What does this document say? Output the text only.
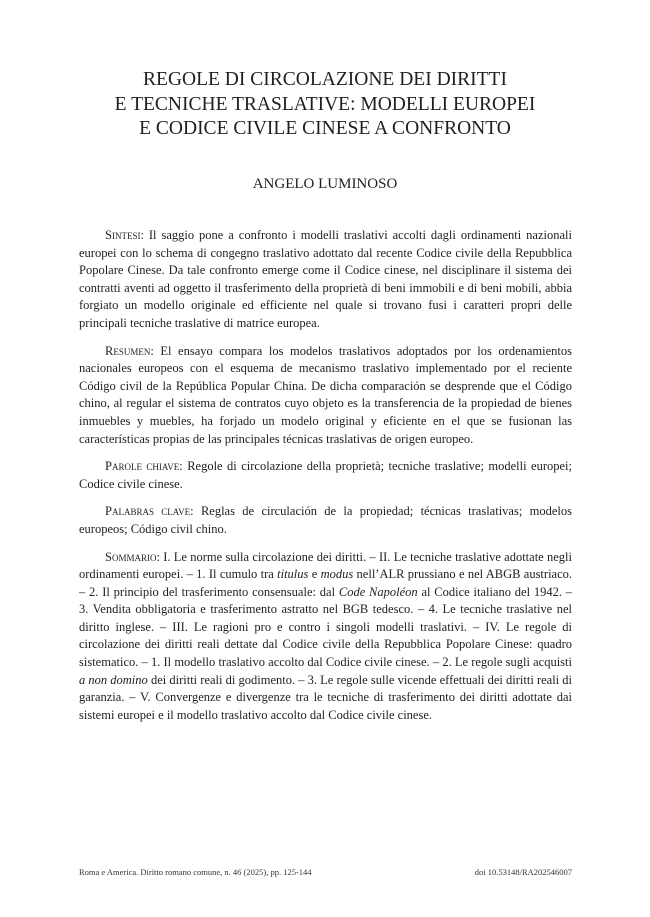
REGOLE DI CIRCOLAZIONE DEI DIRITTI
E TECNICHE TRASLATIVE: MODELLI EUROPEI
E CODICE CIVILE CINESE A CONFRONTO
ANGELO LUMINOSO

Sintesi: Il saggio pone a confronto i modelli traslativi accolti dagli ordinamenti nazionali europei con lo schema di congegno traslativo adottato dal recente Codice civile della Repubblica Popolare Cinese. Da tale confronto emerge come il Codice cinese, nel disciplinare il sistema dei contratti aventi ad oggetto il trasferimento della proprietà di beni immobili e di beni mobili, abbia forgiato un modello originale ed efficiente nel quale si trovano fusi i caratteri propri delle principali tecniche traslative di matrice europea.

Resumen: El ensayo compara los modelos traslativos adoptados por los ordenamientos nacionales europeos con el esquema de mecanismo traslativo implementado por el reciente Código civil de la República Popular China. De dicha comparación se desprende que el Código chino, al regular el sistema de contratos cuyo objeto es la transferencia de la propiedad de bienes inmuebles y muebles, ha forjado un modelo original y eficiente en el que se fusionan las características propias de las principales técnicas traslativas de origen europeo.

Parole chiave: Regole di circolazione della proprietà; tecniche traslative; modelli europei; Codice civile cinese.

Palabras clave: Reglas de circulación de la propiedad; técnicas traslativas; modelos europeos; Código civil chino.

Sommario: I. Le norme sulla circolazione dei diritti. – II. Le tecniche traslative adottate negli ordinamenti europei. – 1. Il cumulo tra titulus e modus nell’ALR prussiano e nel ABGB austriaco. – 2. Il principio del trasferimento consensuale: dal Code Napoléon al Codice italiano del 1942. – 3. Vendita obbligatoria e trasferimento astratto nel BGB tedesco. – 4. Le tecniche traslative nel diritto inglese. – III. Le ragioni pro e contro i singoli modelli traslativi. – IV. Le regole di circolazione dei diritti reali dettate dal Codice civile della Repubblica Popolare Cinese: quadro sistematico. – 1. Il modello traslativo accolto dal Codice civile cinese. – 2. Le regole sugli acquisti a non domino dei diritti reali di godimento. – 3. Le regole sulle vicende effettuali dei diritti reali di garanzia. – V. Convergenze e divergenze tra le tecniche di trasferimento dei diritti adottate dai sistemi europei e il modello traslativo accolto dal Codice civile cinese.

Roma e America. Diritto romano comune, n. 46 (2025), pp. 125-144	doi 10.53148/RA202546007
